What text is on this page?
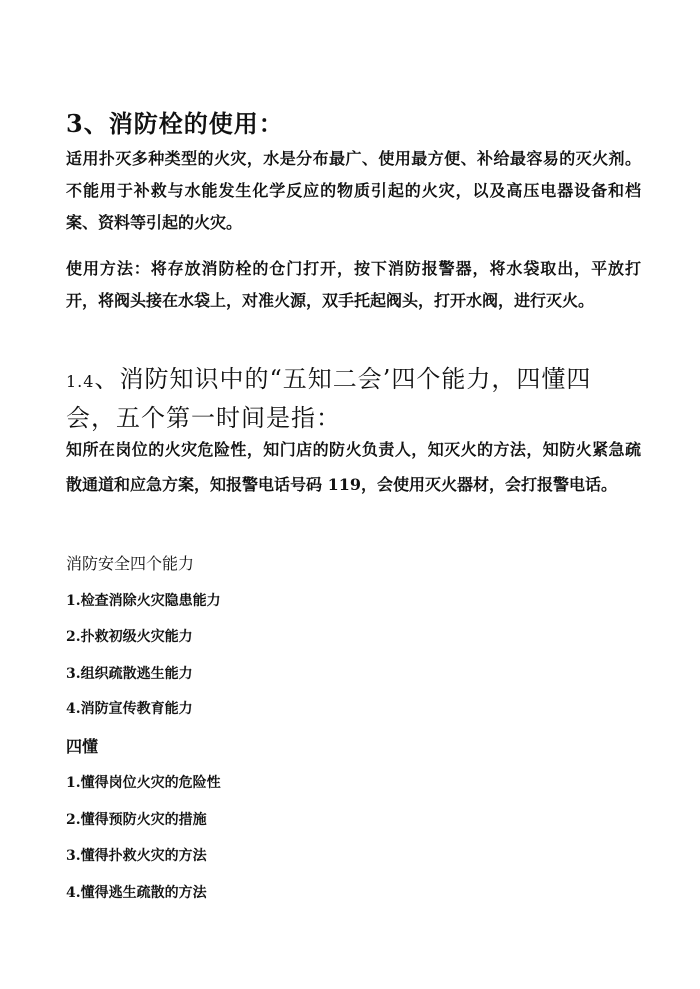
3、消防栓的使用：
适用扑灭多种类型的火灾，水是分布最广、使用最方便、补给最容易的灭火剂。不能用于补救与水能发生化学反应的物质引起的火灾，以及高压电器设备和档案、资料等引起的火灾。
使用方法：将存放消防栓的仓门打开，按下消防报警器，将水袋取出，平放打开，将阀头接在水袋上，对准火源，双手托起阀头，打开水阀，进行灭火。
1.4、消防知识中的“五知二会’四个能力，四懂四会，五个第一时间是指：
知所在岗位的火灾危险性，知门店的防火负责人，知灭火的方法，知防火紧急疏散通道和应急方案，知报警电话号码 119，会使用灭火器材，会打报警电话。
消防安全四个能力
1.检查消除火灾隐患能力
2.扑救初级火灾能力
3.组织疏散逃生能力
4.消防宣传教育能力
四懂
1.懂得岗位火灾的危险性
2.懂得预防火灾的措施
3.懂得扑救火灾的方法
4.懂得逃生疏散的方法
